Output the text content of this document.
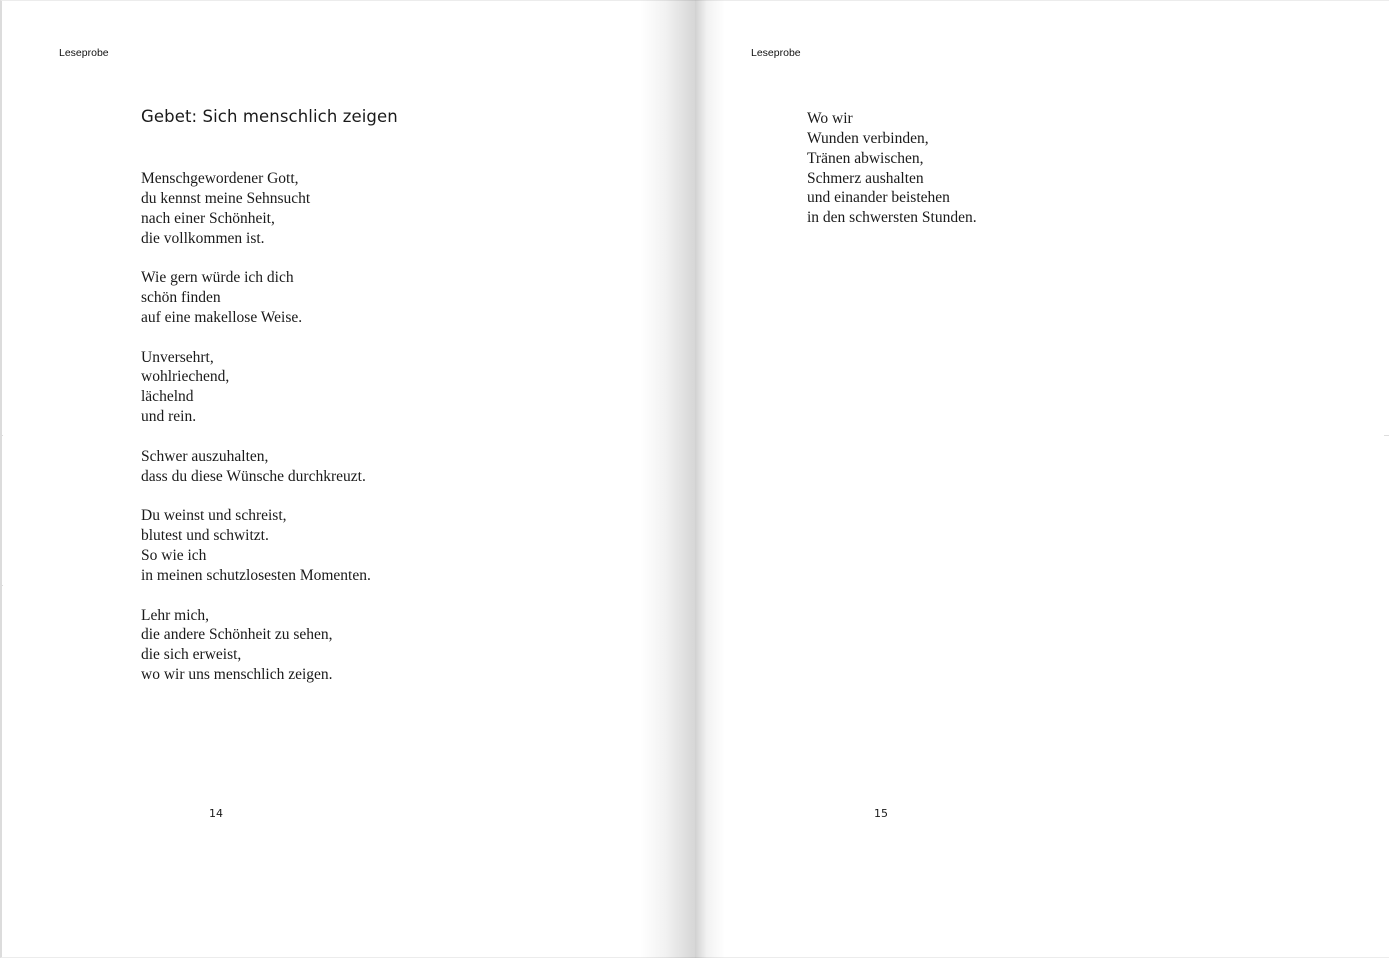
Leseprobe
Gebet: Sich menschlich zeigen
Menschgewordener Gott,
du kennst meine Sehnsucht
nach einer Schönheit,
die vollkommen ist.
Wie gern würde ich dich
schön finden
auf eine makellose Weise.
Unversehrt,
wohlriechend,
lächelnd
und rein.
Schwer auszuhalten,
dass du diese Wünsche durchkreuzt.
Du weinst und schreist,
blutest und schwitzt.
So wie ich
in meinen schutzlosesten Momenten.
Lehr mich,
die andere Schönheit zu sehen,
die sich erweist,
wo wir uns menschlich zeigen.
14
Leseprobe
Wo wir
Wunden verbinden,
Tränen abwischen,
Schmerz aushalten
und einander beistehen
in den schwersten Stunden.
15
